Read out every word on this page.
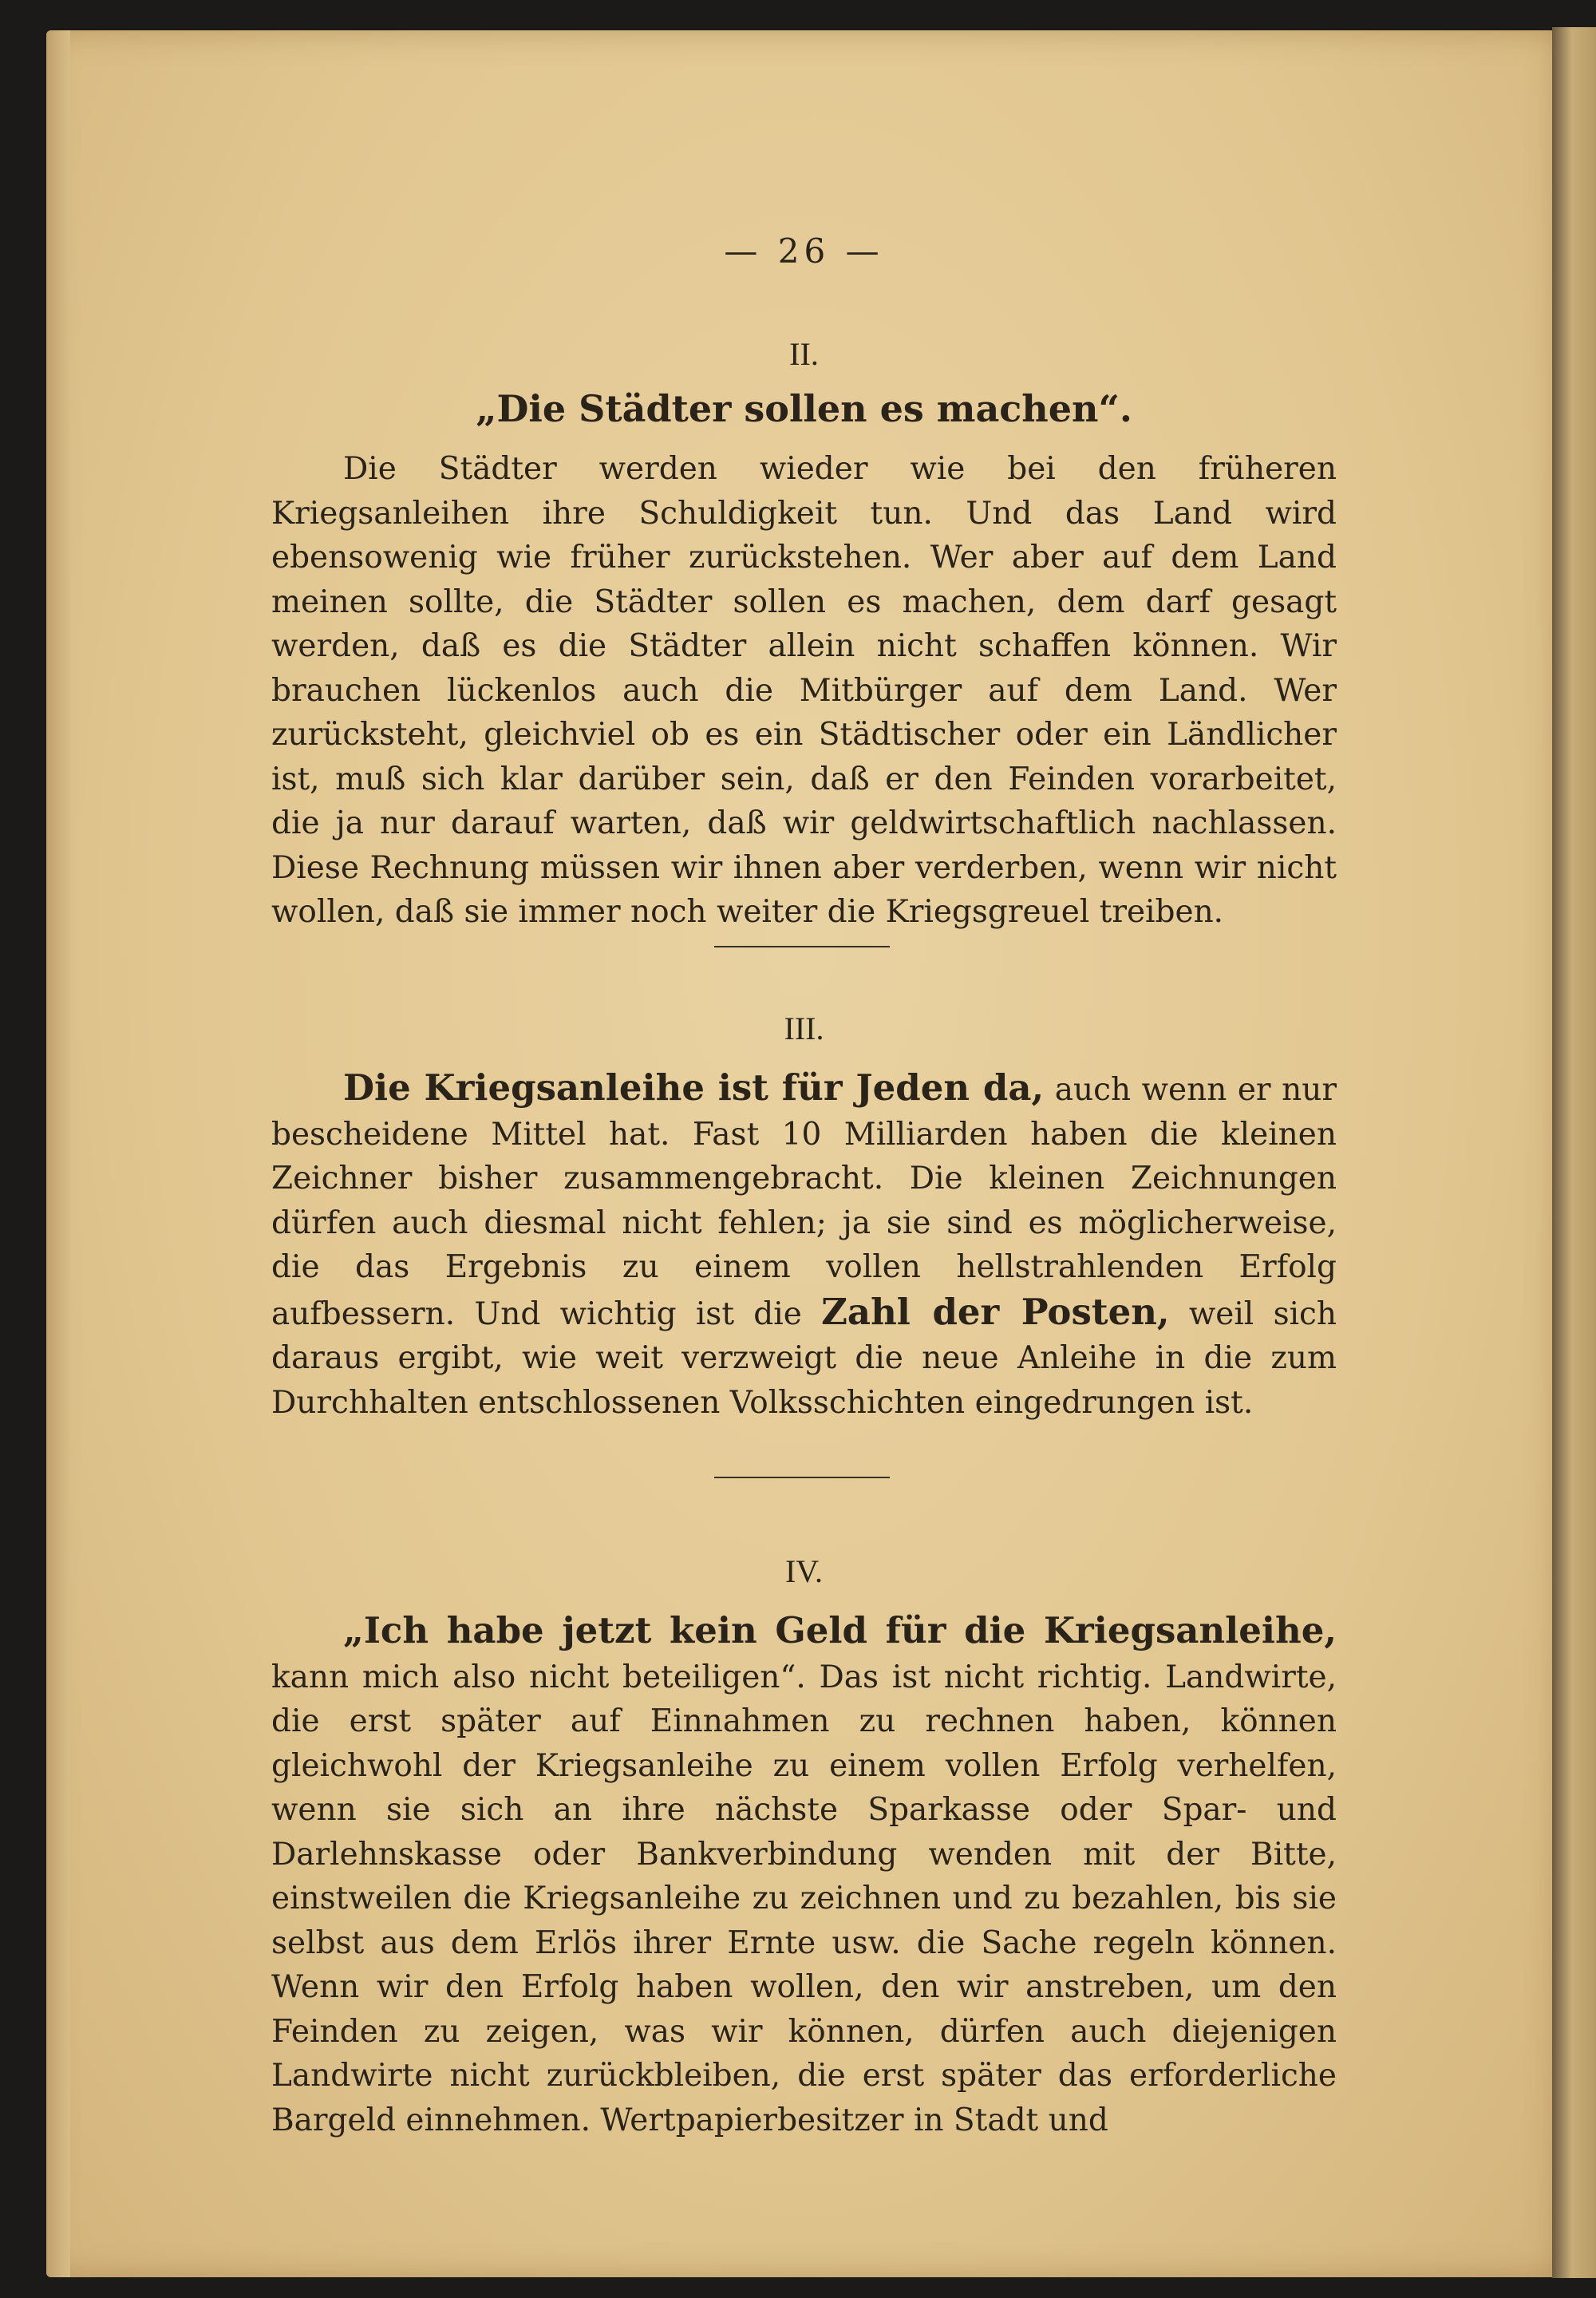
— 26 —
II.
„Die Städter sollen es machen“.

Die Städter werden wieder wie bei den früheren Kriegsanleihen ihre Schuldigkeit tun. Und das Land wird ebensowenig wie früher zurückstehen. Wer aber auf dem Land meinen sollte, die Städter sollen es machen, dem darf gesagt werden, daß es die Städter allein nicht schaffen können. Wir brauchen lückenlos auch die Mitbürger auf dem Land. Wer zurücksteht, gleichviel ob es ein Städtischer oder ein Ländlicher ist, muß sich klar darüber sein, daß er den Feinden vorarbeitet, die ja nur darauf warten, daß wir geldwirtschaftlich nachlassen. Diese Rechnung müssen wir ihnen aber verderben, wenn wir nicht wollen, daß sie immer noch weiter die Kriegsgreuel treiben.

III.

Die Kriegsanleihe ist für Jeden da, auch wenn er nur bescheidene Mittel hat. Fast 10 Milliarden haben die kleinen Zeichner bisher zusammengebracht. Die kleinen Zeichnungen dürfen auch diesmal nicht fehlen; ja sie sind es möglicherweise, die das Ergebnis zu einem vollen hellstrahlenden Erfolg aufbessern. Und wichtig ist die Zahl der Posten, weil sich daraus ergibt, wie weit verzweigt die neue Anleihe in die zum Durchhalten entschlossenen Volksschichten eingedrungen ist.

IV.

„Ich habe jetzt kein Geld für die Kriegsanleihe, kann mich also nicht beteiligen“. Das ist nicht richtig. Landwirte, die erst später auf Einnahmen zu rechnen haben, können gleichwohl der Kriegsanleihe zu einem vollen Erfolg verhelfen, wenn sie sich an ihre nächste Sparkasse oder Spar- und Darlehnskasse oder Bankverbindung wenden mit der Bitte, einstweilen die Kriegsanleihe zu zeichnen und zu bezahlen, bis sie selbst aus dem Erlös ihrer Ernte usw. die Sache regeln können. Wenn wir den Erfolg haben wollen, den wir anstreben, um den Feinden zu zeigen, was wir können, dürfen auch diejenigen Landwirte nicht zurückbleiben, die erst später das erforderliche Bargeld einnehmen. Wertpapierbesitzer in Stadt und
